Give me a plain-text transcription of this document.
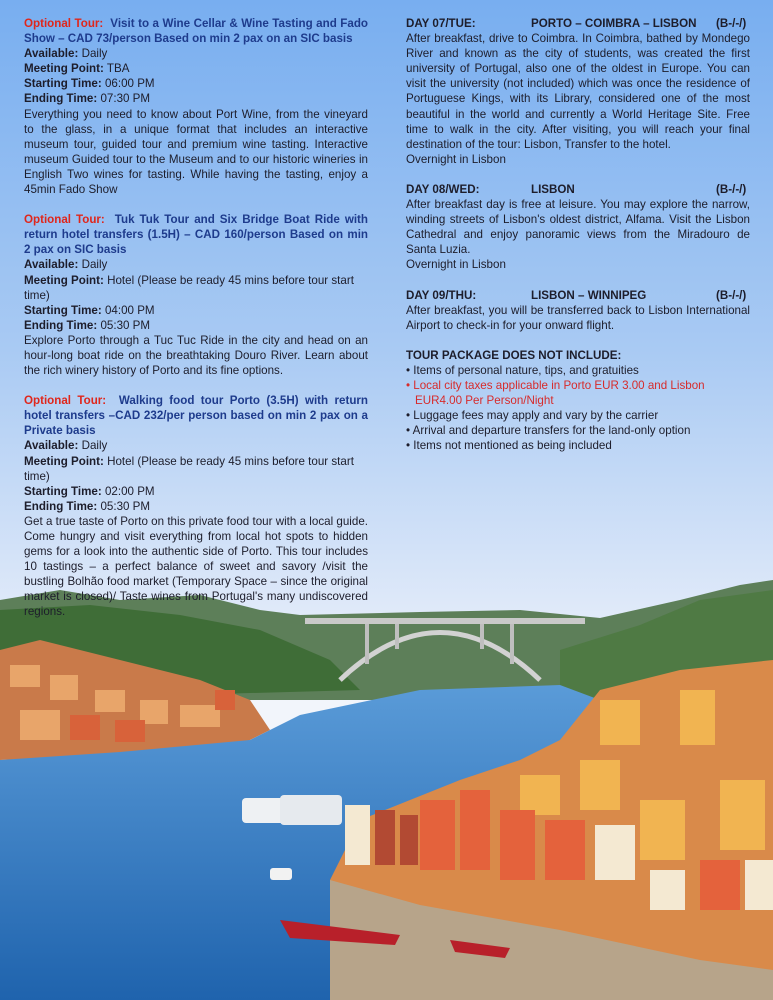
Optional Tour: Visit to a Wine Cellar & Wine Tasting and Fado Show – CAD 73/person Based on min 2 pax on an SIC basis
Available: Daily
Meeting Point: TBA
Starting Time: 06:00 PM
Ending Time: 07:30 PM
Everything you need to know about Port Wine, from the vineyard to the glass, in a unique format that includes an interactive museum tour, guided tour and premium wine tasting. Interactive museum Guided tour to the Museum and to our historic wineries in English Two wines for tasting. While having the tasting, enjoy a 45min Fado Show
Optional Tour: Tuk Tuk Tour and Six Bridge Boat Ride with return hotel transfers (1.5H) – CAD 160/person Based on min 2 pax on SIC basis
Available: Daily
Meeting Point: Hotel (Please be ready 45 mins before tour start time)
Starting Time: 04:00 PM
Ending Time: 05:30 PM
Explore Porto through a Tuc Tuc Ride in the city and head on an hour-long boat ride on the breathtaking Douro River. Learn about the rich winery history of Porto and its fine options.
Optional Tour: Walking food tour Porto (3.5H) with return hotel transfers –CAD 232/per person based on min 2 pax on a Private basis
Available: Daily
Meeting Point: Hotel (Please be ready 45 mins before tour start time)
Starting Time: 02:00 PM
Ending Time: 05:30 PM
Get a true taste of Porto on this private food tour with a local guide. Come hungry and visit everything from local hot spots to hidden gems for a look into the authentic side of Porto. This tour includes 10 tastings – a perfect balance of sweet and savory /visit the bustling Bolhão food market (Temporary Space – since the original market is closed)/ Taste wines from Portugal's many undiscovered regions.
DAY 07/TUE:	PORTO – COIMBRA – LISBON	(B-/-/)
After breakfast, drive to Coimbra. In Coimbra, bathed by Mondego River and known as the city of students, was created the first university of Portugal, also one of the oldest in Europe. You can visit the university (not included) which was once the residence of Portuguese Kings, with its Library, considered one of the most beautiful in the world and currently a World Heritage Site. Free time to walk in the city. After visiting, you will reach your final destination of the tour: Lisbon, Transfer to the hotel.
Overnight in Lisbon
DAY 08/WED:	LISBON	(B-/-/)
After breakfast day is free at leisure. You may explore the narrow, winding streets of Lisbon's oldest district, Alfama. Visit the Lisbon Cathedral and enjoy panoramic views from the Miradouro de Santa Luzia.
Overnight in Lisbon
DAY 09/THU:	LISBON – WINNIPEG	(B-/-/)
After breakfast, you will be transferred back to Lisbon International Airport to check-in for your onward flight.
TOUR PACKAGE DOES NOT INCLUDE:
• Items of personal nature, tips, and gratuities
• Local city taxes applicable in Porto EUR 3.00 and Lisbon EUR4.00 Per Person/Night
• Luggage fees may apply and vary by the carrier
• Arrival and departure transfers for the land-only option
• Items not mentioned as being included
